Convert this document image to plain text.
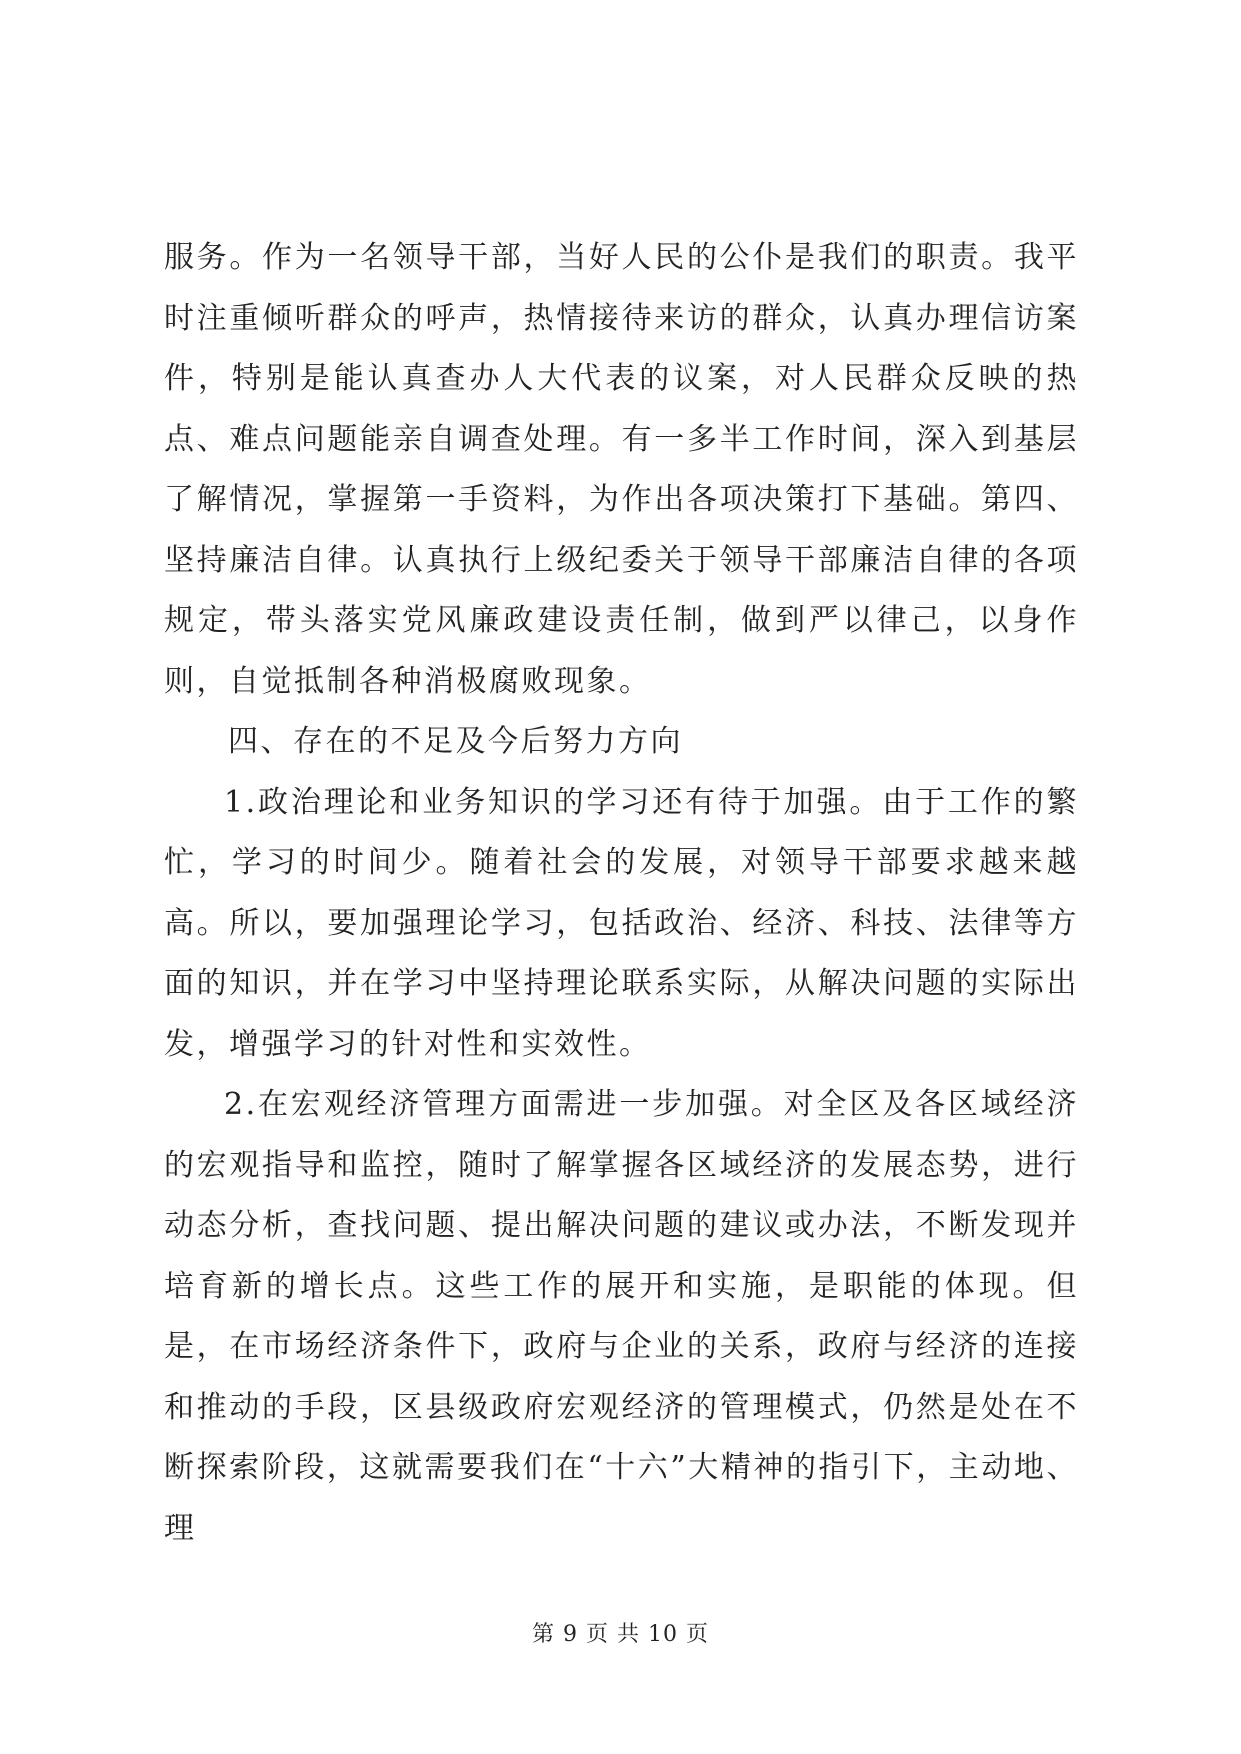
服务。作为一名领导干部，当好人民的公仆是我们的职责。我平时注重倾听群众的呼声，热情接待来访的群众，认真办理信访案件，特别是能认真查办人大代表的议案，对人民群众反映的热点、难点问题能亲自调查处理。有一多半工作时间，深入到基层了解情况，掌握第一手资料，为作出各项决策打下基础。第四、坚持廉洁自律。认真执行上级纪委关于领导干部廉洁自律的各项规定，带头落实党风廉政建设责任制，做到严以律己，以身作则，自觉抵制各种消极腐败现象。

四、存在的不足及今后努力方向

1.政治理论和业务知识的学习还有待于加强。由于工作的繁忙，学习的时间少。随着社会的发展，对领导干部要求越来越高。所以，要加强理论学习，包括政治、经济、科技、法律等方面的知识，并在学习中坚持理论联系实际，从解决问题的实际出发，增强学习的针对性和实效性。

2.在宏观经济管理方面需进一步加强。对全区及各区域经济的宏观指导和监控，随时了解掌握各区域经济的发展态势，进行动态分析，查找问题、提出解决问题的建议或办法，不断发现并培育新的增长点。这些工作的展开和实施，是职能的体现。但是，在市场经济条件下，政府与企业的关系，政府与经济的连接和推动的手段，区县级政府宏观经济的管理模式，仍然是处在不断探索阶段，这就需要我们在“十六”大精神的指引下，主动地、理

第 9 页 共 10 页
